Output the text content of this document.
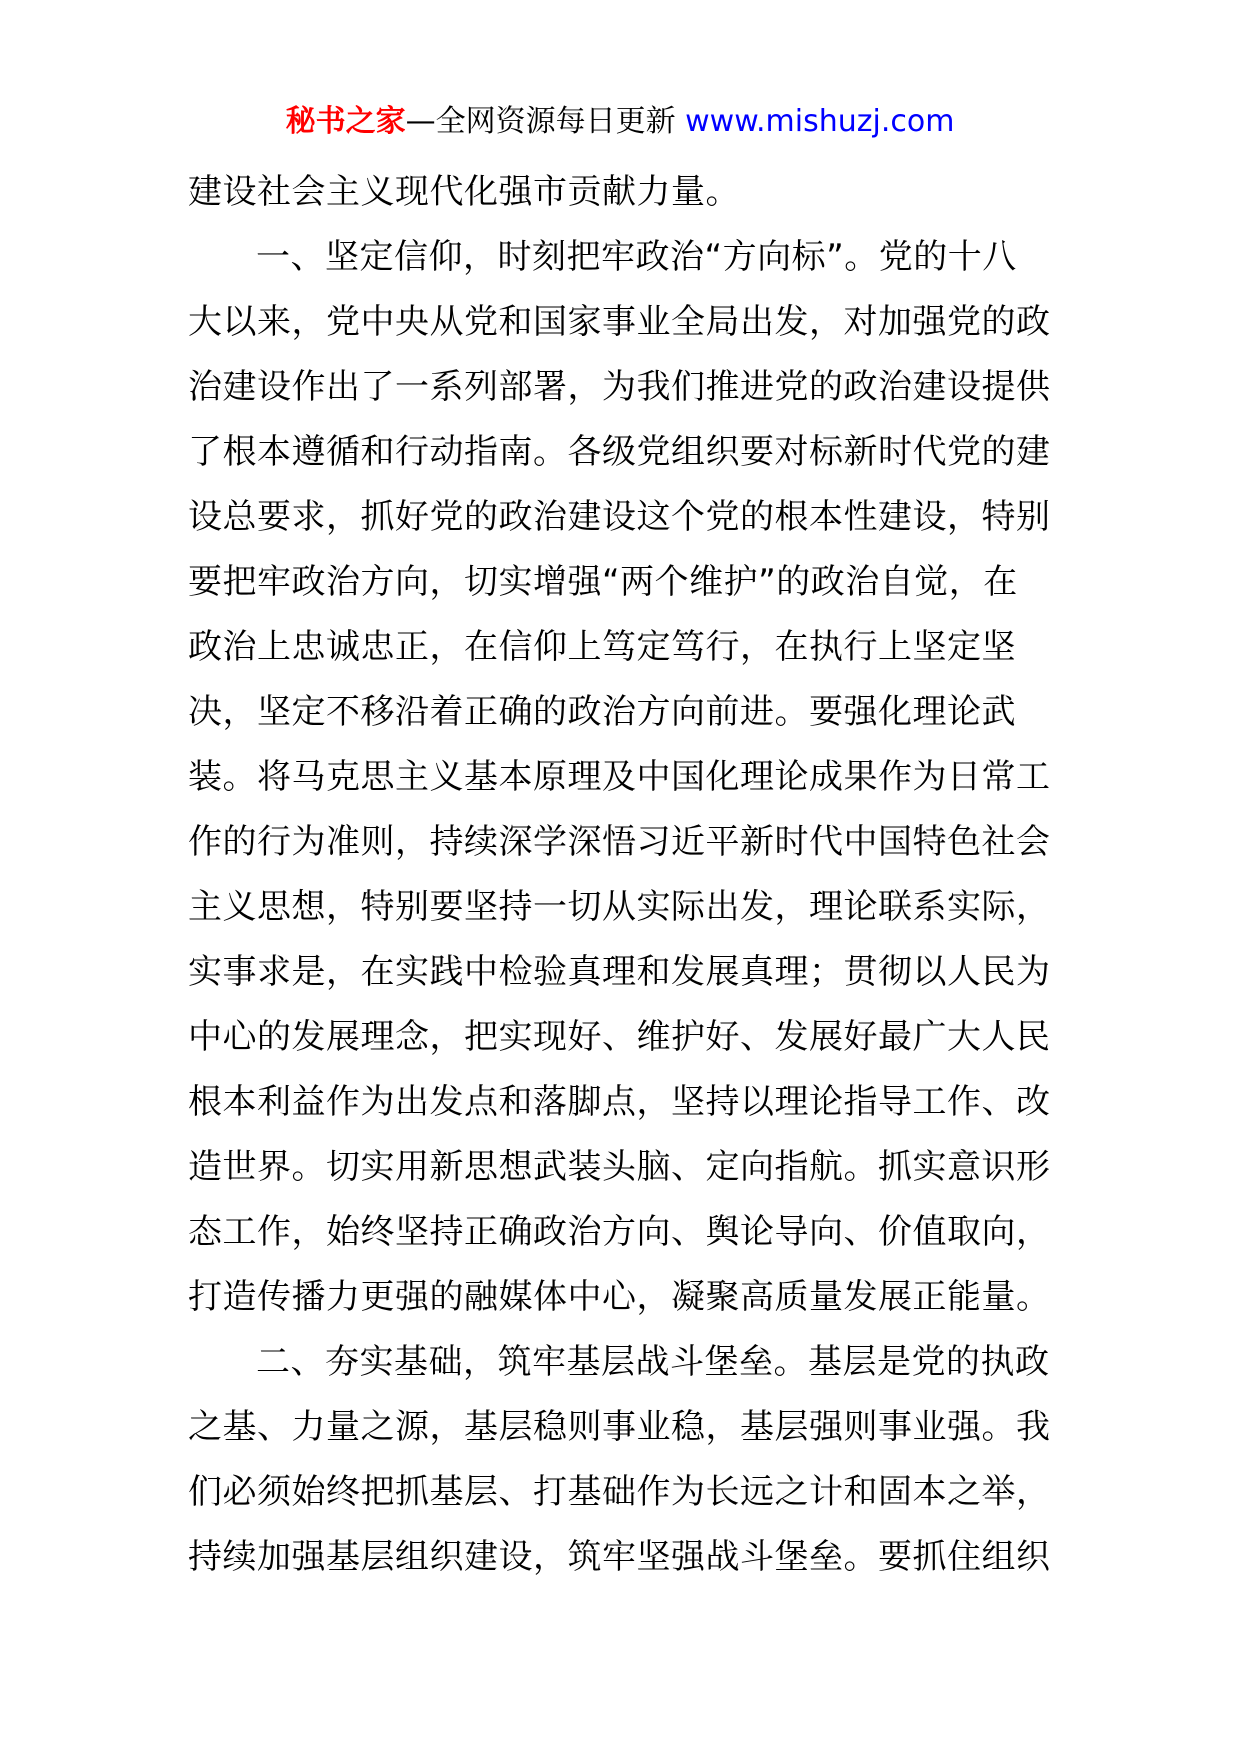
秘书之家—全网资源每日更新 www.mishuzj.com
建设社会主义现代化强市贡献力量。
一、坚定信仰，时刻把牢政治“方向标”。党的十八
大以来，党中央从党和国家事业全局出发，对加强党的政
治建设作出了一系列部署，为我们推进党的政治建设提供
了根本遵循和行动指南。各级党组织要对标新时代党的建
设总要求，抓好党的政治建设这个党的根本性建设，特别
要把牢政治方向，切实增强“两个维护”的政治自觉，在
政治上忠诚忠正，在信仰上笃定笃行，在执行上坚定坚
决，坚定不移沿着正确的政治方向前进。要强化理论武
装。将马克思主义基本原理及中国化理论成果作为日常工
作的行为准则，持续深学深悟习近平新时代中国特色社会
主义思想，特别要坚持一切从实际出发，理论联系实际，
实事求是，在实践中检验真理和发展真理；贯彻以人民为
中心的发展理念，把实现好、维护好、发展好最广大人民
根本利益作为出发点和落脚点，坚持以理论指导工作、改
造世界。切实用新思想武装头脑、定向指航。抓实意识形
态工作，始终坚持正确政治方向、舆论导向、价值取向，
打造传播力更强的融媒体中心，凝聚高质量发展正能量。
二、夯实基础，筑牢基层战斗堡垒。基层是党的执政
之基、力量之源，基层稳则事业稳，基层强则事业强。我
们必须始终把抓基层、打基础作为长远之计和固本之举，
持续加强基层组织建设，筑牢坚强战斗堡垒。要抓住组织
